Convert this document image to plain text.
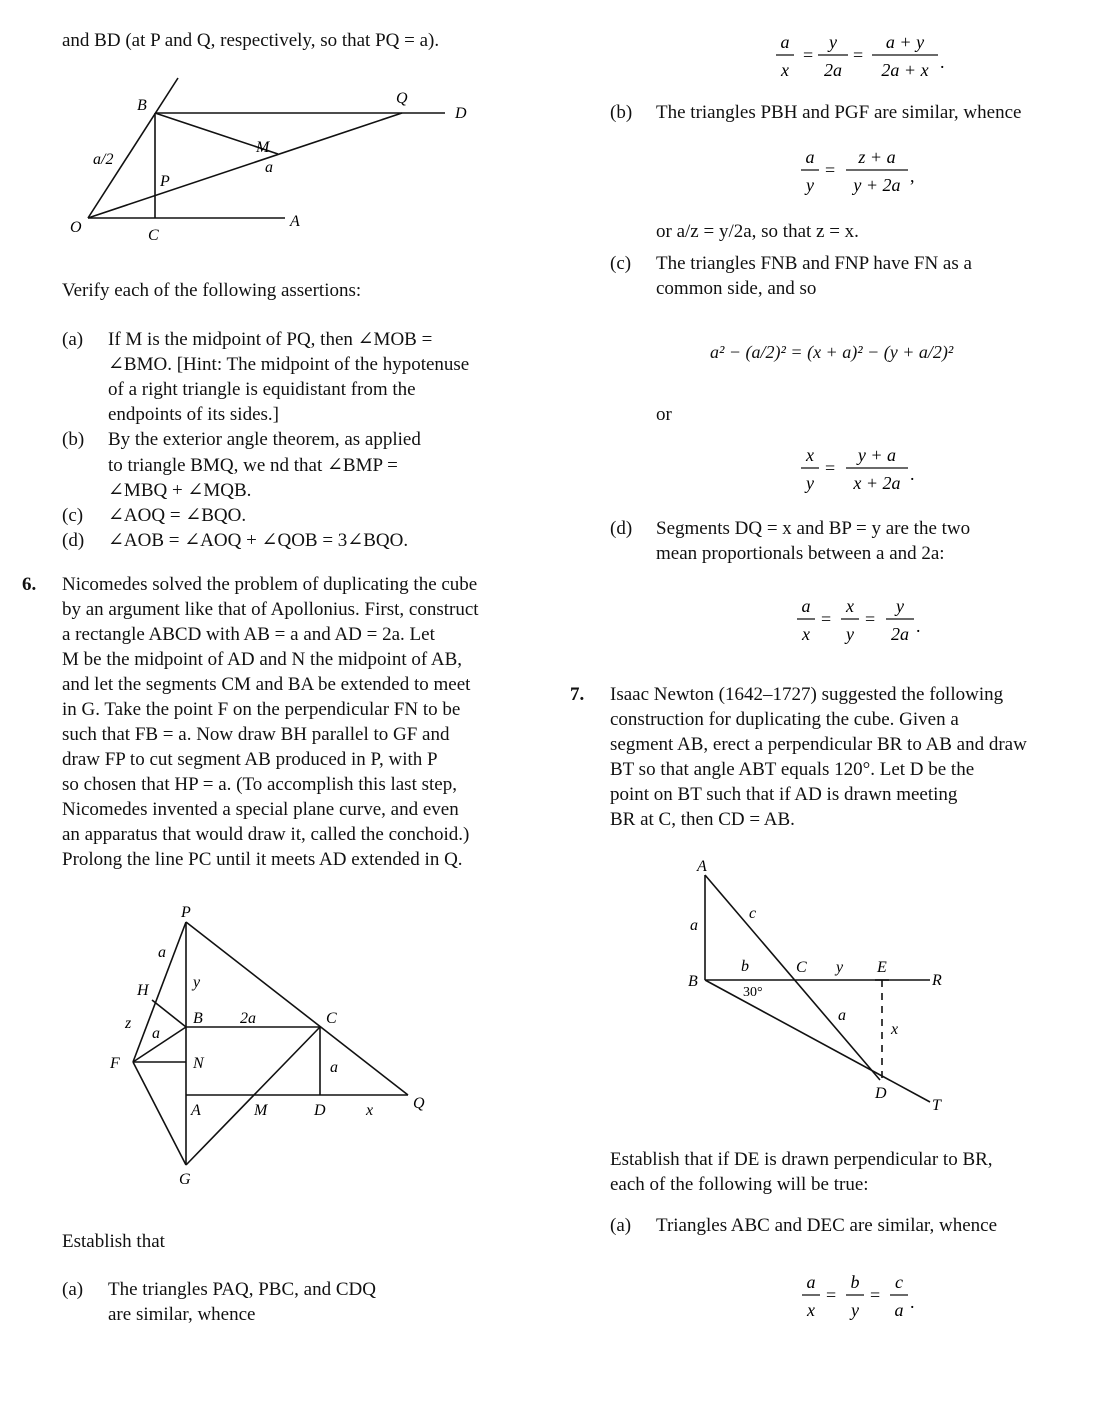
and BD (at P and Q, respectively, so that PQ = a).
B	Q
D
a/2
M
a
P
O	C
A
Verify each of the following assertions:
(a) If M is the midpoint of PQ, then ∠MOB =
∠BMO. [Hint: The midpoint of the hypotenuse
of a right triangle is equidistant from the
endpoints of its sides.]
(b) By the exterior angle theorem, as applied
to triangle BMQ, we nd that ∠BMP =
∠MBQ + ∠MQB.
(c) ∠AOQ = ∠BQO.
(d) ∠AOB = ∠AOQ + ∠QOB = 3∠BQO.
6. Nicomedes solved the problem of duplicating the cube
by an argument like that of Apollonius. First, construct
a rectangle ABCD with AB = a and AD = 2a. Let
M be the midpoint of AD and N the midpoint of AB,
and let the segments CM and BA be extended to meet
in G. Take the point F on the perpendicular FN to be
such that FB = a. Now draw BH parallel to GF and
draw FP to cut segment AB produced in P, with P
so chosen that HP = a. (To accomplish this last step,
Nicomedes invented a special plane curve, and even
an apparatus that would draw it, called the conchoid.)
Prolong the line PC until it meets AD extended in Q.
P
a
H	y
z	B 2a	C
a
F	N	a
A	M	D	x Q
G
Establish that
(a) The triangles PAQ, PBC, and CDQ
are similar, whence
a
x
y
2a
a + y
2a + x
= =	.
(b) The triangles PBH and PGF are similar, whence
a
y
z + a
y + 2a
=	,
or a/z = y/2a, so that z = x.
(c) The triangles FNB and FNP have FN as a
common side, and so
a² − (a/2)² = (x + a)² − (y + a/2)²
or
x
y
y + a
x + 2a
=	.
(d) Segments DQ = x and BP = y are the two
mean proportionals between a and 2a:
a
x
x
y
y
2a
= = .
7. Isaac Newton (1642–1727) suggested the following
construction for duplicating the cube. Given a
segment AB, erect a perpendicular BR to AB and draw
BT so that angle ABT equals 120°. Let D be the
point on BT such that if AD is drawn meeting
BR at C, then CD = AB.
A
a
c
b	C y E
B
30°
R
a
x
D
T
Establish that if DE is drawn perpendicular to BR,
each of the following will be true:
(a) Triangles ABC and DEC are similar, whence
a
x
b
y
c
a
= = .
